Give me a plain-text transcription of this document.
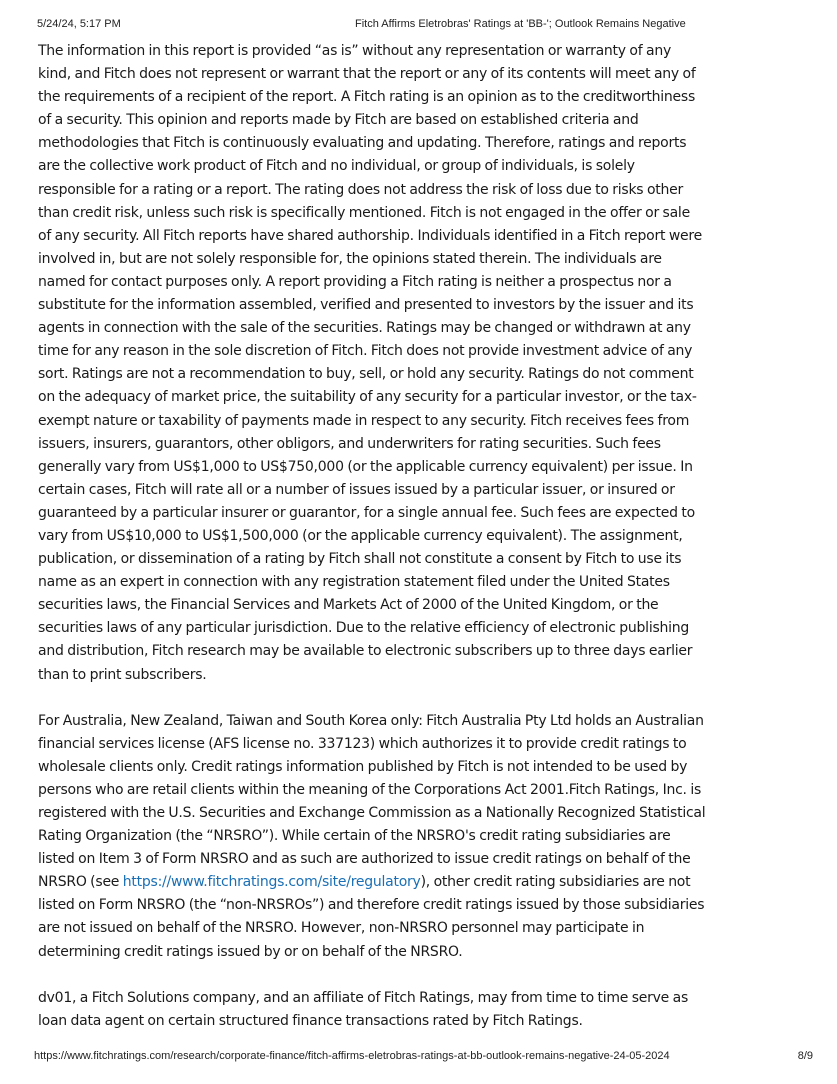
5/24/24, 5:17 PM	Fitch Affirms Eletrobras' Ratings at 'BB-'; Outlook Remains Negative

The information in this report is provided “as is” without any representation or warranty of any kind, and Fitch does not represent or warrant that the report or any of its contents will meet any of the requirements of a recipient of the report. A Fitch rating is an opinion as to the creditworthiness of a security. This opinion and reports made by Fitch are based on established criteria and methodologies that Fitch is continuously evaluating and updating. Therefore, ratings and reports are the collective work product of Fitch and no individual, or group of individuals, is solely responsible for a rating or a report. The rating does not address the risk of loss due to risks other than credit risk, unless such risk is specifically mentioned. Fitch is not engaged in the offer or sale of any security. All Fitch reports have shared authorship. Individuals identified in a Fitch report were involved in, but are not solely responsible for, the opinions stated therein. The individuals are named for contact purposes only. A report providing a Fitch rating is neither a prospectus nor a substitute for the information assembled, verified and presented to investors by the issuer and its agents in connection with the sale of the securities. Ratings may be changed or withdrawn at any time for any reason in the sole discretion of Fitch. Fitch does not provide investment advice of any sort. Ratings are not a recommendation to buy, sell, or hold any security. Ratings do not comment on the adequacy of market price, the suitability of any security for a particular investor, or the tax-exempt nature or taxability of payments made in respect to any security. Fitch receives fees from issuers, insurers, guarantors, other obligors, and underwriters for rating securities. Such fees generally vary from US$1,000 to US$750,000 (or the applicable currency equivalent) per issue. In certain cases, Fitch will rate all or a number of issues issued by a particular issuer, or insured or guaranteed by a particular insurer or guarantor, for a single annual fee. Such fees are expected to vary from US$10,000 to US$1,500,000 (or the applicable currency equivalent). The assignment, publication, or dissemination of a rating by Fitch shall not constitute a consent by Fitch to use its name as an expert in connection with any registration statement filed under the United States securities laws, the Financial Services and Markets Act of 2000 of the United Kingdom, or the securities laws of any particular jurisdiction. Due to the relative efficiency of electronic publishing and distribution, Fitch research may be available to electronic subscribers up to three days earlier than to print subscribers.

For Australia, New Zealand, Taiwan and South Korea only: Fitch Australia Pty Ltd holds an Australian financial services license (AFS license no. 337123) which authorizes it to provide credit ratings to wholesale clients only. Credit ratings information published by Fitch is not intended to be used by persons who are retail clients within the meaning of the Corporations Act 2001.Fitch Ratings, Inc. is registered with the U.S. Securities and Exchange Commission as a Nationally Recognized Statistical Rating Organization (the “NRSRO”). While certain of the NRSRO's credit rating subsidiaries are listed on Item 3 of Form NRSRO and as such are authorized to issue credit ratings on behalf of the NRSRO (see https://www.fitchratings.com/site/regulatory), other credit rating subsidiaries are not listed on Form NRSRO (the “non-NRSROs”) and therefore credit ratings issued by those subsidiaries are not issued on behalf of the NRSRO. However, non-NRSRO personnel may participate in determining credit ratings issued by or on behalf of the NRSRO.

dv01, a Fitch Solutions company, and an affiliate of Fitch Ratings, may from time to time serve as loan data agent on certain structured finance transactions rated by Fitch Ratings.

https://www.fitchratings.com/research/corporate-finance/fitch-affirms-eletrobras-ratings-at-bb-outlook-remains-negative-24-05-2024	8/9
